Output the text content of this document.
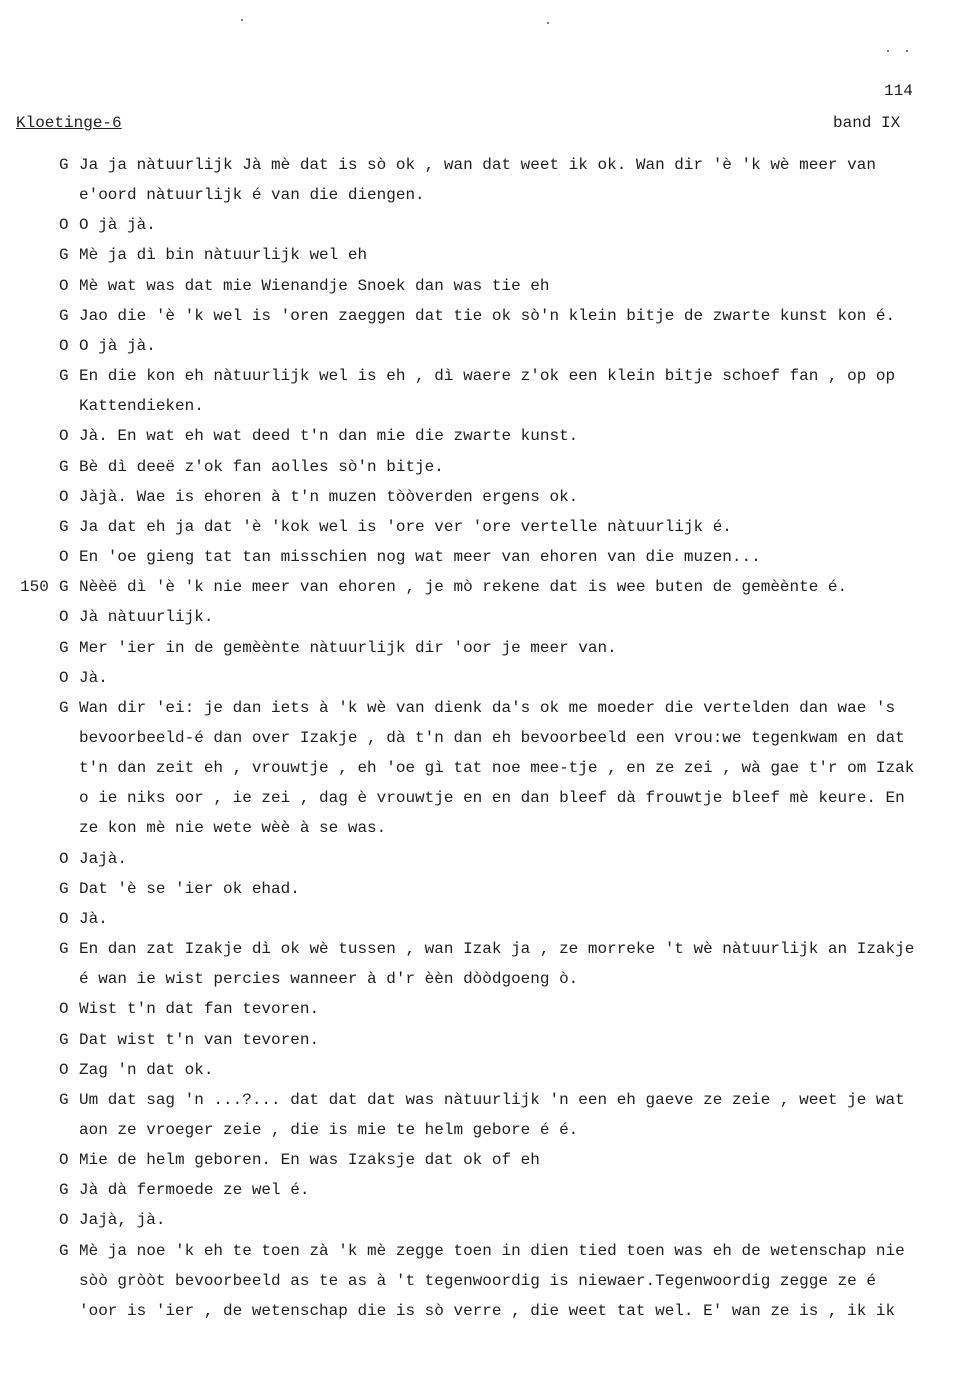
114
Kloetinge-6	band IX
G Ja ja nàtuurlijk Jà mè dat is sò ok , wan dat weet ik ok. Wan dir 'è 'k wè meer van
e'oord nàtuurlijk é van die diengen.
O O jà jà.
G Mè ja dì bin nàtuurlijk wel eh
O Mè wat was dat mie Wienandje Snoek dan was tie eh
G Jao die 'è 'k wel is 'oren zaeggen dat tie ok sò'n klein bitje de zwarte kunst kon é.
O O jà jà.
G En die kon eh nàtuurlijk wel is eh , dì waere z'ok een klein bitje schoef fan , op op
Kattendieken.
O Jà. En wat eh wat deed t'n dan mie die zwarte kunst.
G Bè dì deeë z'ok fan aolles sò'n bitje.
O Jàjà. Wae is ehoren à t'n muzen tòòverden ergens ok.
G Ja dat eh ja dat 'è 'kok wel is 'ore ver 'ore vertelle nàtuurlijk é.
O En 'oe gieng tat tan misschien nog wat meer van ehoren van die muzen...
150 G Nèèë dì 'è 'k nie meer van ehoren , je mò rekene dat is wee buten de gemèènte é.
O Jà nàtuurlijk.
G Mer 'ier in de gemèènte nàtuurlijk dir 'oor je meer van.
O Jà.
G Wan dir 'ei: je dan iets à 'k wè van dienk da's ok me moeder die vertelden dan wae 's
bevoorbeeld-é dan over Izakje , dà t'n dan eh bevoorbeeld een vrou:we tegenkwam en dat
t'n dan zeit eh , vrouwtje , eh 'oe gì tat noe mee-tje , en ze zei , wà gae t'r om Izak
o ie niks oor , ie zei , dag è vrouwtje en en dan bleef dà frouwtje bleef mè keure. En
ze kon mè nie wete wèè à se was.
O Jajà.
G Dat 'è se 'ier ok ehad.
O Jà.
G En dan zat Izakje dì ok wè tussen , wan Izak ja , ze morreke 't wè nàtuurlijk an Izakje
é wan ie wist percies wanneer à d'r èèn dòòdgoeng ò.
O Wist t'n dat fan tevoren.
G Dat wist t'n van tevoren.
O Zag 'n dat ok.
G Um dat sag 'n ...?... dat dat dat was nàtuurlijk 'n een eh gaeve ze zeie , weet je wat
aon ze vroeger zeie , die is mie te helm gebore é é.
O Mie de helm geboren. En was Izaksje dat ok of eh
G Jà dà fermoede ze wel é.
O Jajà, jà.
G Mè ja noe 'k eh te toen zà 'k mè zegge toen in dien tied toen was eh de wetenschap nie
sòò gròòt bevoorbeeld as te as à 't tegenwoordig is niewaer.Tegenwoordig zegge ze é
'oor is 'ier , de wetenschap die is sò verre , die weet tat wel. E' wan ze is , ik ik
